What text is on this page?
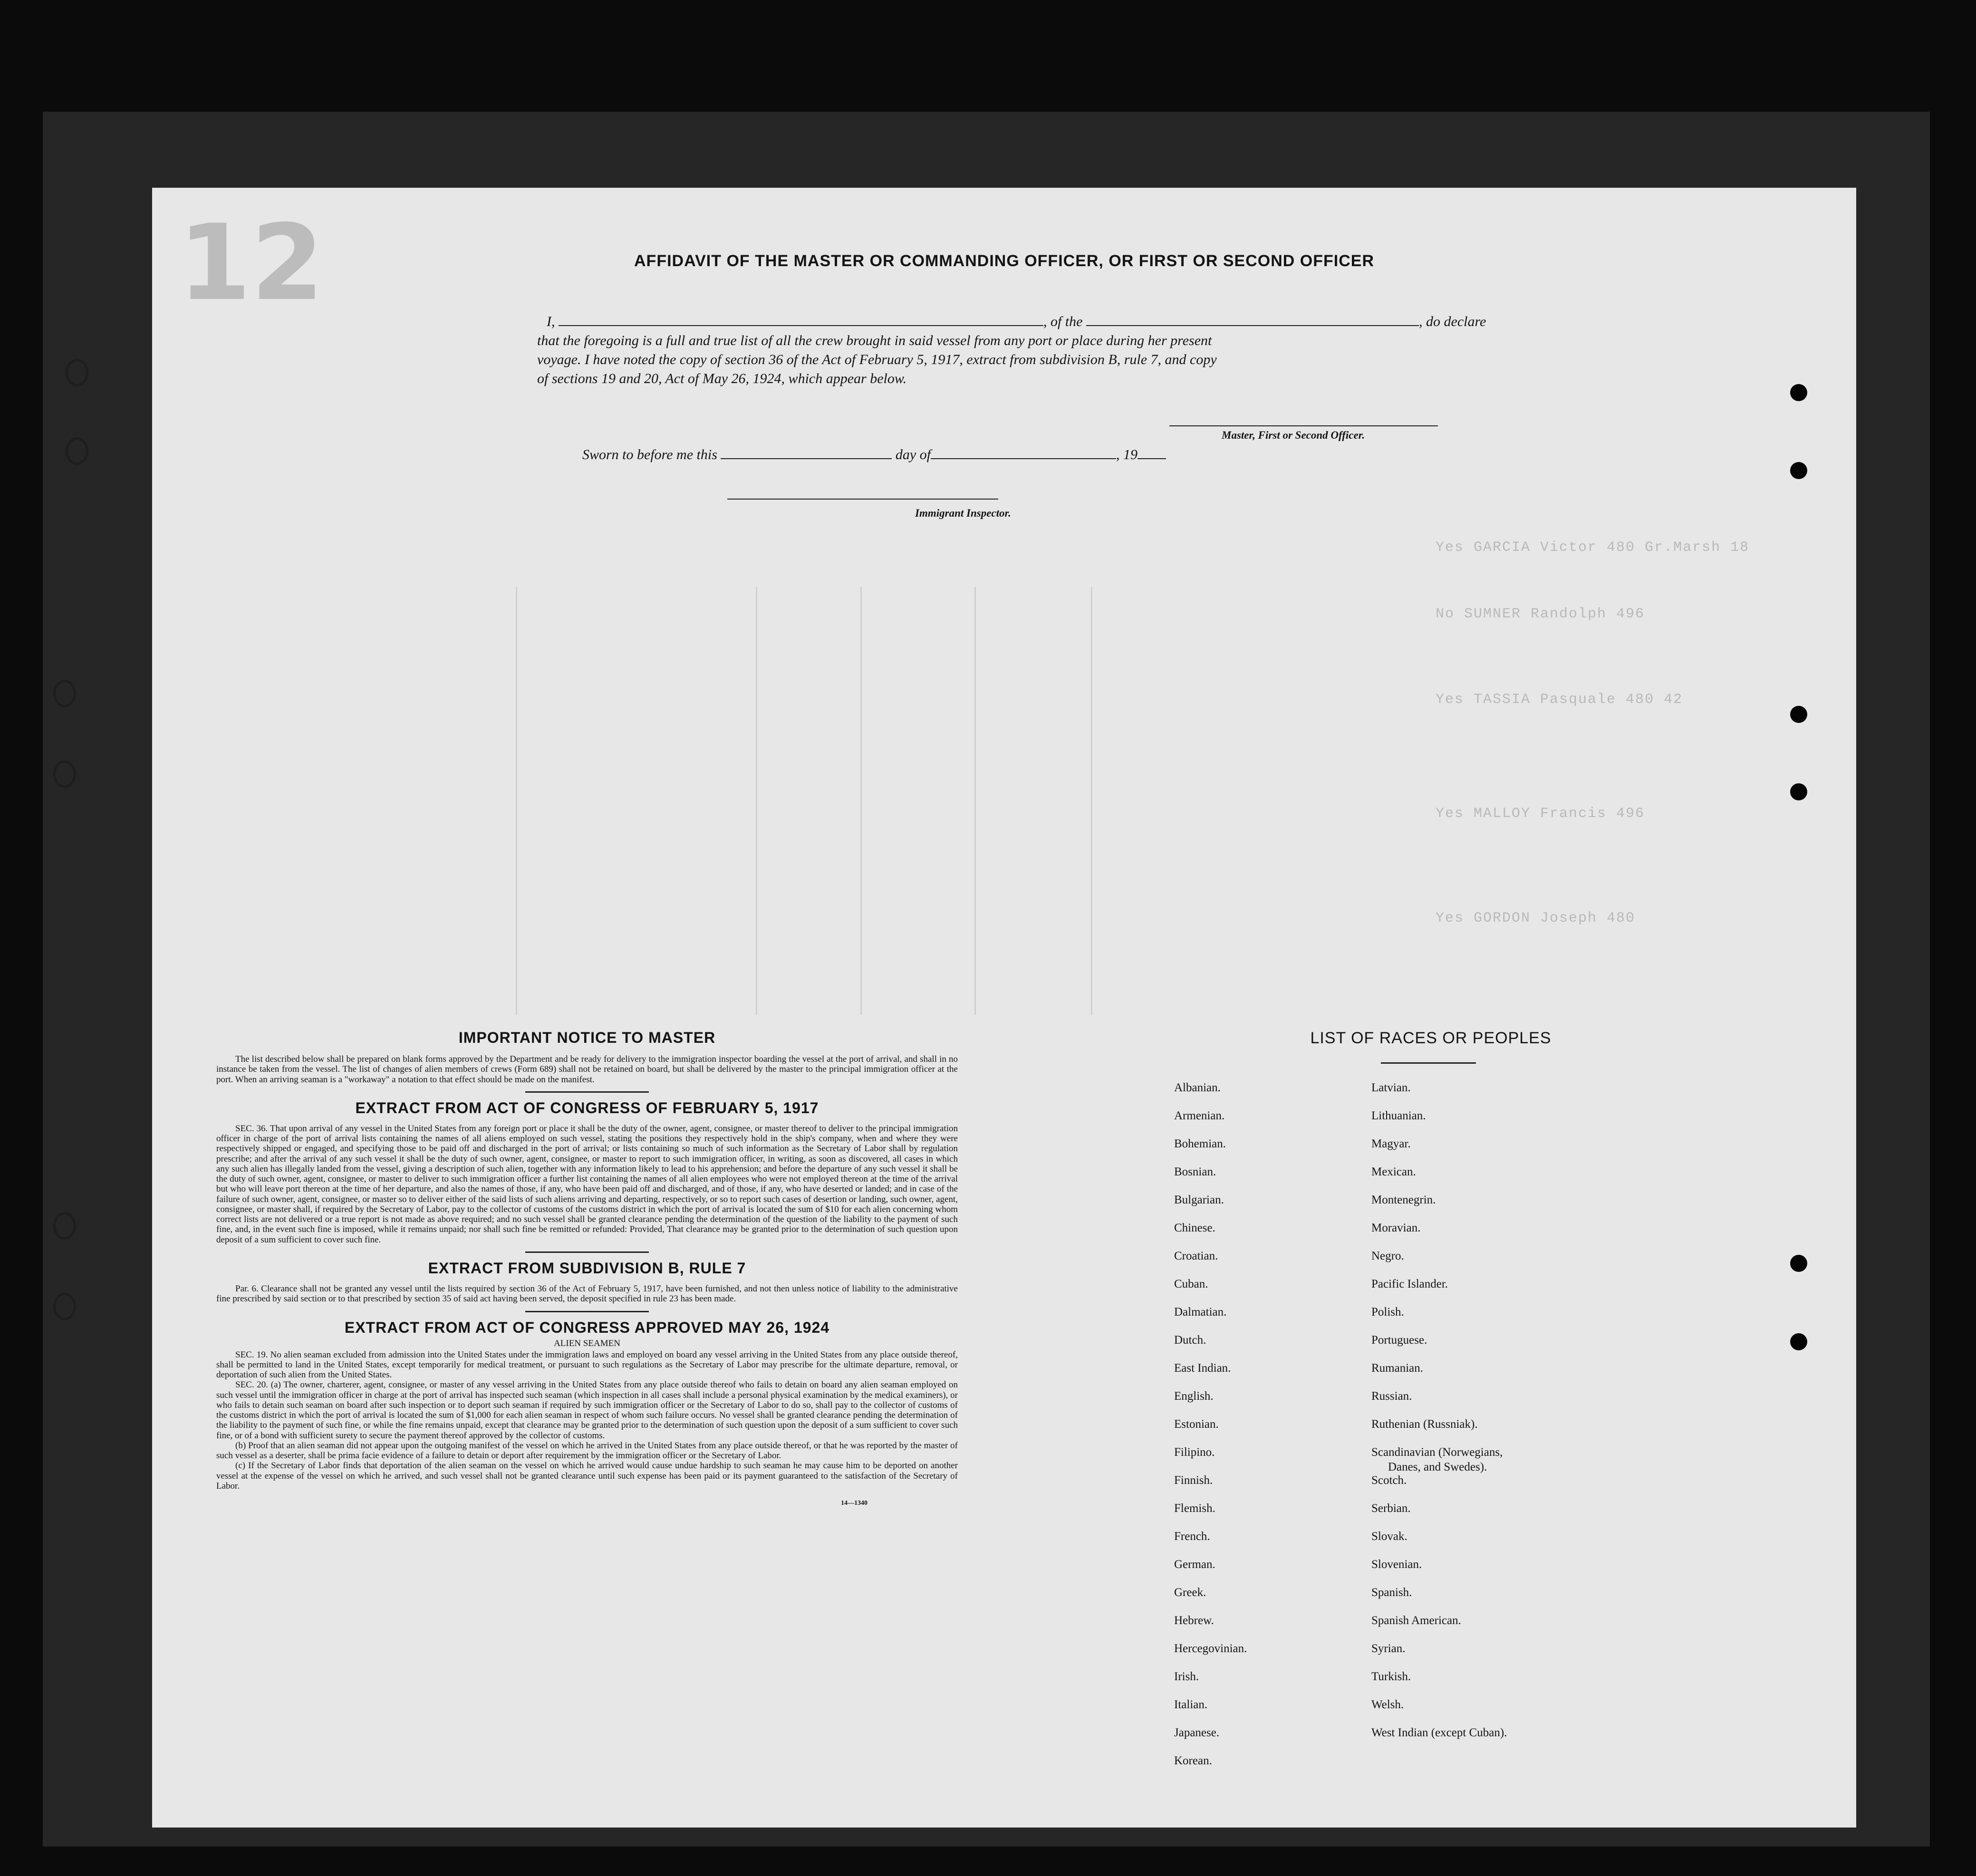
12
Yes GARCIA Victor 480 Gr.Marsh 18
No SUMNER Randolph 496
Yes TASSIA Pasquale 480 42
Yes MALLOY Francis 496
Yes GORDON Joseph 480
AFFIDAVIT OF THE MASTER OR COMMANDING OFFICER, OR FIRST OR SECOND OFFICER
I,	, of the	, do declare
that the foregoing is a full and true list of all the crew brought in said vessel from any port or place during her present
voyage. I have noted the copy of section 36 of the Act of February 5, 1917, extract from subdivision B, rule 7, and copy
of sections 19 and 20, Act of May 26, 1924, which appear below.
Master, First or Second Officer.
Sworn to before me this	day of	, 19
Immigrant Inspector.
IMPORTANT NOTICE TO MASTER

The list described below shall be prepared on blank forms approved by the Department and be ready for delivery to the immigration inspector boarding the vessel at the port of arrival, and shall in no instance be taken from the vessel. The list of changes of alien members of crews (Form 689) shall not be retained on board, but shall be delivered by the master to the principal immigration officer at the port. When an arriving seaman is a "workaway" a notation to that effect should be made on the manifest.

EXTRACT FROM ACT OF CONGRESS OF FEBRUARY 5, 1917

SEC. 36. That upon arrival of any vessel in the United States from any foreign port or place it shall be the duty of the owner, agent, consignee, or master thereof to deliver to the principal immigration officer in charge of the port of arrival lists containing the names of all aliens employed on such vessel, stating the positions they respectively hold in the ship's company, when and where they were respectively shipped or engaged, and specifying those to be paid off and discharged in the port of arrival; or lists containing so much of such information as the Secretary of Labor shall by regulation prescribe; and after the arrival of any such vessel it shall be the duty of such owner, agent, consignee, or master to report to such immigration officer, in writing, as soon as discovered, all cases in which any such alien has illegally landed from the vessel, giving a description of such alien, together with any information likely to lead to his apprehension; and before the departure of any such vessel it shall be the duty of such owner, agent, consignee, or master to deliver to such immigration officer a further list containing the names of all alien employees who were not employed thereon at the time of the arrival but who will leave port thereon at the time of her departure, and also the names of those, if any, who have been paid off and discharged, and of those, if any, who have deserted or landed; and in case of the failure of such owner, agent, consignee, or master so to deliver either of the said lists of such aliens arriving and departing, respectively, or so to report such cases of desertion or landing, such owner, agent, consignee, or master shall, if required by the Secretary of Labor, pay to the collector of customs of the customs district in which the port of arrival is located the sum of $10 for each alien concerning whom correct lists are not delivered or a true report is not made as above required; and no such vessel shall be granted clearance pending the determination of the question of the liability to the payment of such fine, and, in the event such fine is imposed, while it remains unpaid; nor shall such fine be remitted or refunded: Provided, That clearance may be granted prior to the determination of such question upon deposit of a sum sufficient to cover such fine.

EXTRACT FROM SUBDIVISION B, RULE 7

Par. 6. Clearance shall not be granted any vessel until the lists required by section 36 of the Act of February 5, 1917, have been furnished, and not then unless notice of liability to the administrative fine prescribed by said section or to that prescribed by section 35 of said act having been served, the deposit specified in rule 23 has been made.

EXTRACT FROM ACT OF CONGRESS APPROVED MAY 26, 1924
ALIEN SEAMEN

SEC. 19. No alien seaman excluded from admission into the United States under the immigration laws and employed on board any vessel arriving in the United States from any place outside thereof, shall be permitted to land in the United States, except temporarily for medical treatment, or pursuant to such regulations as the Secretary of Labor may prescribe for the ultimate departure, removal, or deportation of such alien from the United States.

SEC. 20. (a) The owner, charterer, agent, consignee, or master of any vessel arriving in the United States from any place outside thereof who fails to detain on board any alien seaman employed on such vessel until the immigration officer in charge at the port of arrival has inspected such seaman (which inspection in all cases shall include a personal physical examination by the medical examiners), or who fails to detain such seaman on board after such inspection or to deport such seaman if required by such immigration officer or the Secretary of Labor to do so, shall pay to the collector of customs of the customs district in which the port of arrival is located the sum of $1,000 for each alien seaman in respect of whom such failure occurs. No vessel shall be granted clearance pending the determination of the liability to the payment of such fine, or while the fine remains unpaid, except that clearance may be granted prior to the determination of such question upon the deposit of a sum sufficient to cover such fine, or of a bond with sufficient surety to secure the payment thereof approved by the collector of customs.

(b) Proof that an alien seaman did not appear upon the outgoing manifest of the vessel on which he arrived in the United States from any place outside thereof, or that he was reported by the master of such vessel as a deserter, shall be prima facie evidence of a failure to detain or deport after requirement by the immigration officer or the Secretary of Labor.

(c) If the Secretary of Labor finds that deportation of the alien seaman on the vessel on which he arrived would cause undue hardship to such seaman he may cause him to be deported on another vessel at the expense of the vessel on which he arrived, and such vessel shall not be granted clearance until such expense has been paid or its payment guaranteed to the satisfaction of the Secretary of Labor.

14—1340
LIST OF RACES OR PEOPLES
Albanian.
Armenian.
Bohemian.
Bosnian.
Bulgarian.
Chinese.
Croatian.
Cuban.
Dalmatian.
Dutch.
East Indian.
English.
Estonian.
Filipino.
Finnish.
Flemish.
French.
German.
Greek.
Hebrew.
Hercegovinian.
Irish.
Italian.
Japanese.
Korean.
Latvian.
Lithuanian.
Magyar.
Mexican.
Montenegrin.
Moravian.
Negro.
Pacific Islander.
Polish.
Portuguese.
Rumanian.
Russian.
Ruthenian (Russniak).
Scandinavian (Norwegians,
Danes, and Swedes).
Scotch.
Serbian.
Slovak.
Slovenian.
Spanish.
Spanish American.
Syrian.
Turkish.
Welsh.
West Indian (except Cuban).
